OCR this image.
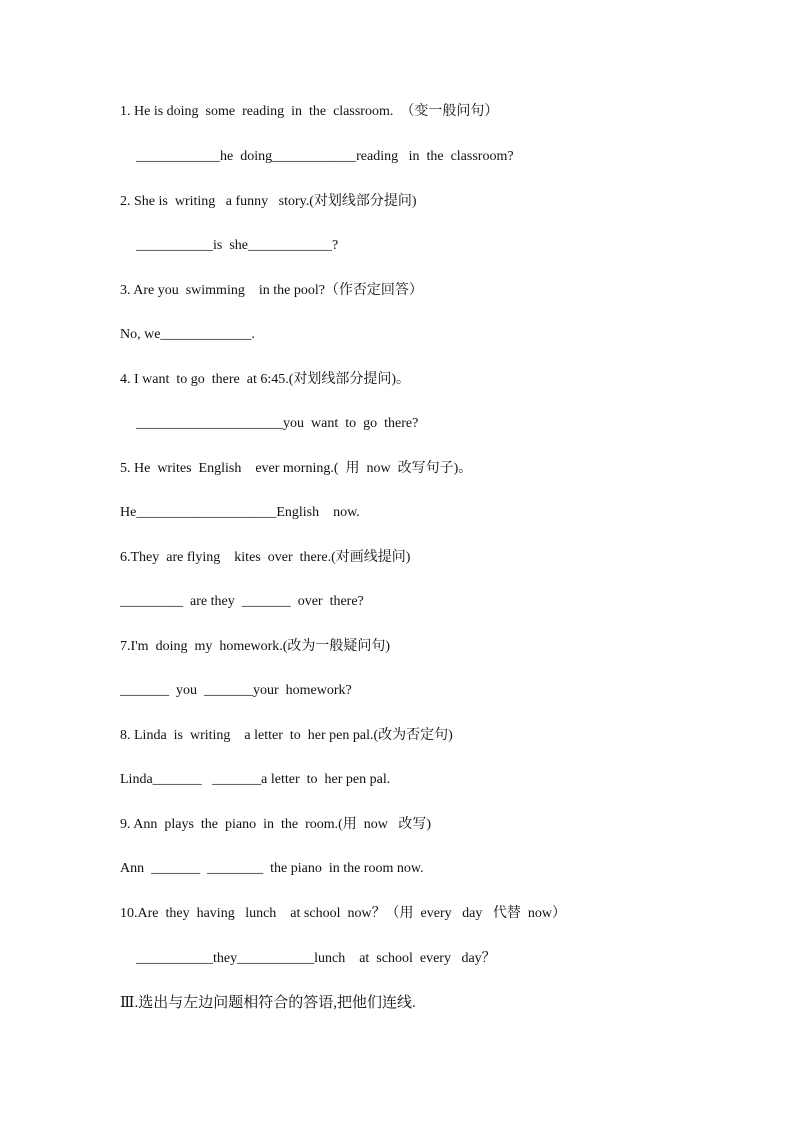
1. He is doing  some  reading  in  the  classroom.  （变一般问句）
____________he  doing____________reading   in  the  classroom?
2. She is  writing   a funny   story.(对划线部分提问)
___________is  she____________?
3. Are you  swimming    in the pool?（作否定回答）
No, we_____________.
4. I want  to go  there  at 6:45.(对划线部分提问)。
_____________________you  want  to  go  there?
5. He  writes  English    ever morning.(  用  now  改写句子)。
He____________________English    now.
6.They  are flying    kites  over  there.(对画线提问)
_________  are they  _______  over  there?
7.I'm  doing  my  homework.(改为一般疑问句)
_______  you  _______your  homework?
8. Linda  is  writing    a letter  to  her pen pal.(改为否定句)
Linda_______   _______a letter  to  her pen pal.
9. Ann  plays  the  piano  in  the  room.(用  now   改写)
Ann  _______  ________  the piano  in the room now.
10.Are  they  having   lunch    at school  now？（用  every   day   代替  now）
___________they___________lunch    at  school  every   day？
Ⅲ.选出与左边问题相符合的答语,把他们连线.
